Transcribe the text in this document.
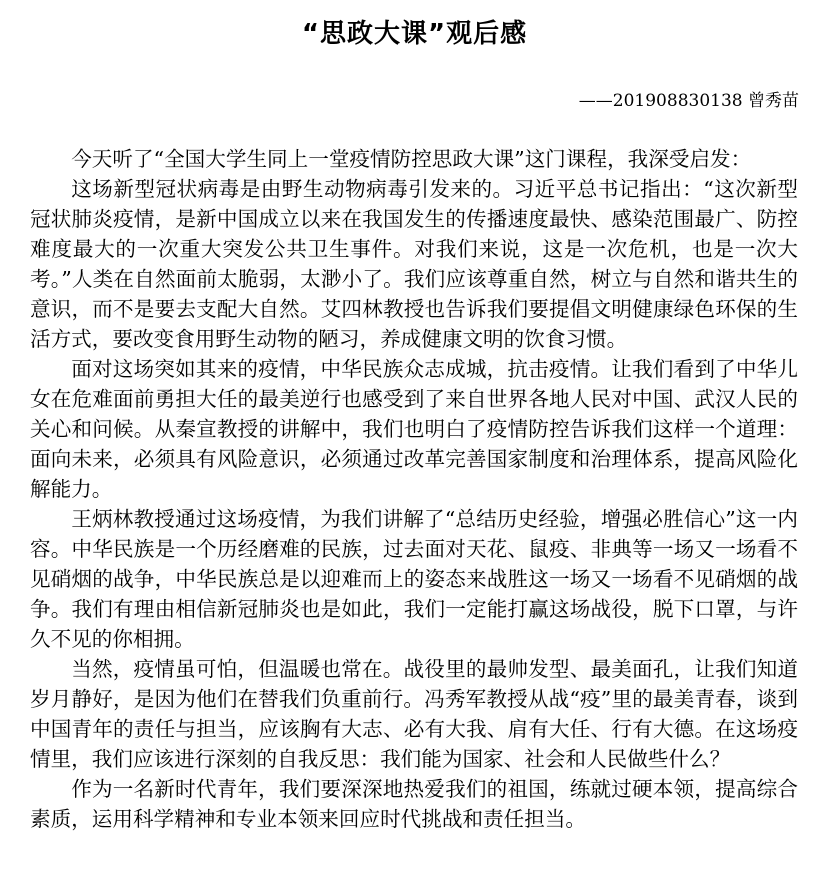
“思政大课”观后感
——201908830138 曾秀苗

今天听了“全国大学生同上一堂疫情防控思政大课”这门课程，我深受启发：

这场新型冠状病毒是由野生动物病毒引发来的。习近平总书记指出：“这次新型冠状肺炎疫情，是新中国成立以来在我国发生的传播速度最快、感染范围最广、防控难度最大的一次重大突发公共卫生事件。对我们来说，这是一次危机，也是一次大考。”人类在自然面前太脆弱，太渺小了。我们应该尊重自然，树立与自然和谐共生的意识，而不是要去支配大自然。艾四林教授也告诉我们要提倡文明健康绿色环保的生活方式，要改变食用野生动物的陋习，养成健康文明的饮食习惯。

面对这场突如其来的疫情，中华民族众志成城，抗击疫情。让我们看到了中华儿女在危难面前勇担大任的最美逆行也感受到了来自世界各地人民对中国、武汉人民的关心和问候。从秦宣教授的讲解中，我们也明白了疫情防控告诉我们这样一个道理：面向未来，必须具有风险意识，必须通过改革完善国家制度和治理体系，提高风险化解能力。

王炳林教授通过这场疫情，为我们讲解了“总结历史经验，增强必胜信心”这一内容。中华民族是一个历经磨难的民族，过去面对天花、鼠疫、非典等一场又一场看不见硝烟的战争，中华民族总是以迎难而上的姿态来战胜这一场又一场看不见硝烟的战争。我们有理由相信新冠肺炎也是如此，我们一定能打赢这场战役，脱下口罩，与许久不见的你相拥。

当然，疫情虽可怕，但温暖也常在。战役里的最帅发型、最美面孔，让我们知道岁月静好，是因为他们在替我们负重前行。冯秀军教授从战“疫”里的最美青春，谈到中国青年的责任与担当，应该胸有大志、必有大我、肩有大任、行有大德。在这场疫情里，我们应该进行深刻的自我反思：我们能为国家、社会和人民做些什么？

作为一名新时代青年，我们要深深地热爱我们的祖国，练就过硬本领，提高综合素质，运用科学精神和专业本领来回应时代挑战和责任担当。
